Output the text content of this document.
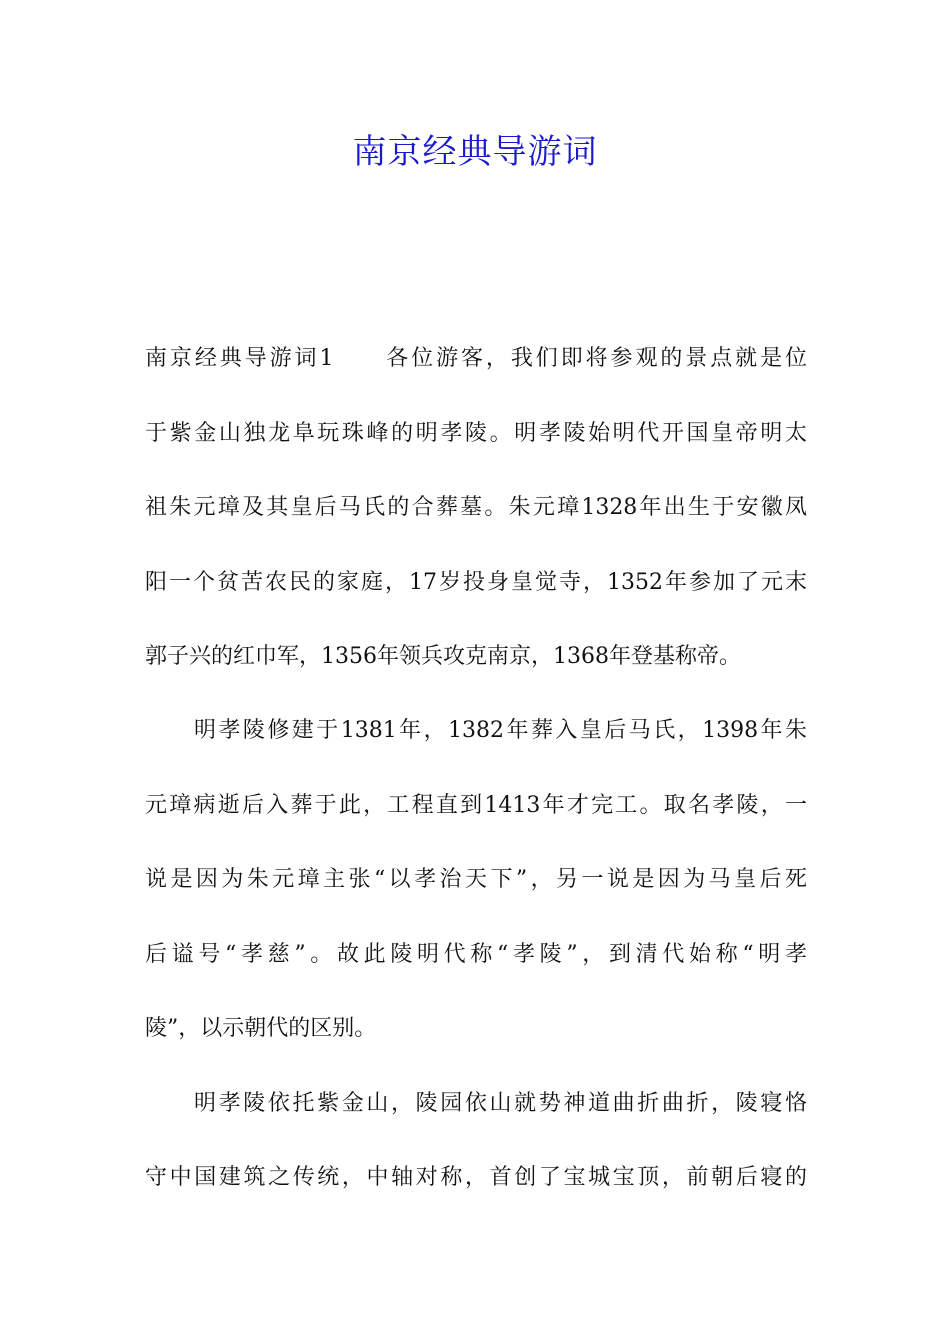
南京经典导游词
南京经典导游词1　　各位游客，我们即将参观的景点就是位
于紫金山独龙阜玩珠峰的明孝陵。明孝陵始明代开国皇帝明太
祖朱元璋及其皇后马氏的合葬墓。朱元璋1328年出生于安徽凤
阳一个贫苦农民的家庭，17岁投身皇觉寺，1352年参加了元末
郭子兴的红巾军，1356年领兵攻克南京，1368年登基称帝。
明孝陵修建于1381年，1382年葬入皇后马氏，1398年朱
元璋病逝后入葬于此，工程直到1413年才完工。取名孝陵，一
说是因为朱元璋主张“以孝治天下”，另一说是因为马皇后死
后谥号“孝慈”。故此陵明代称“孝陵”，到清代始称“明孝
陵”，以示朝代的区别。
明孝陵依托紫金山，陵园依山就势神道曲折曲折，陵寝恪
守中国建筑之传统，中轴对称，首创了宝城宝顶，前朝后寝的
